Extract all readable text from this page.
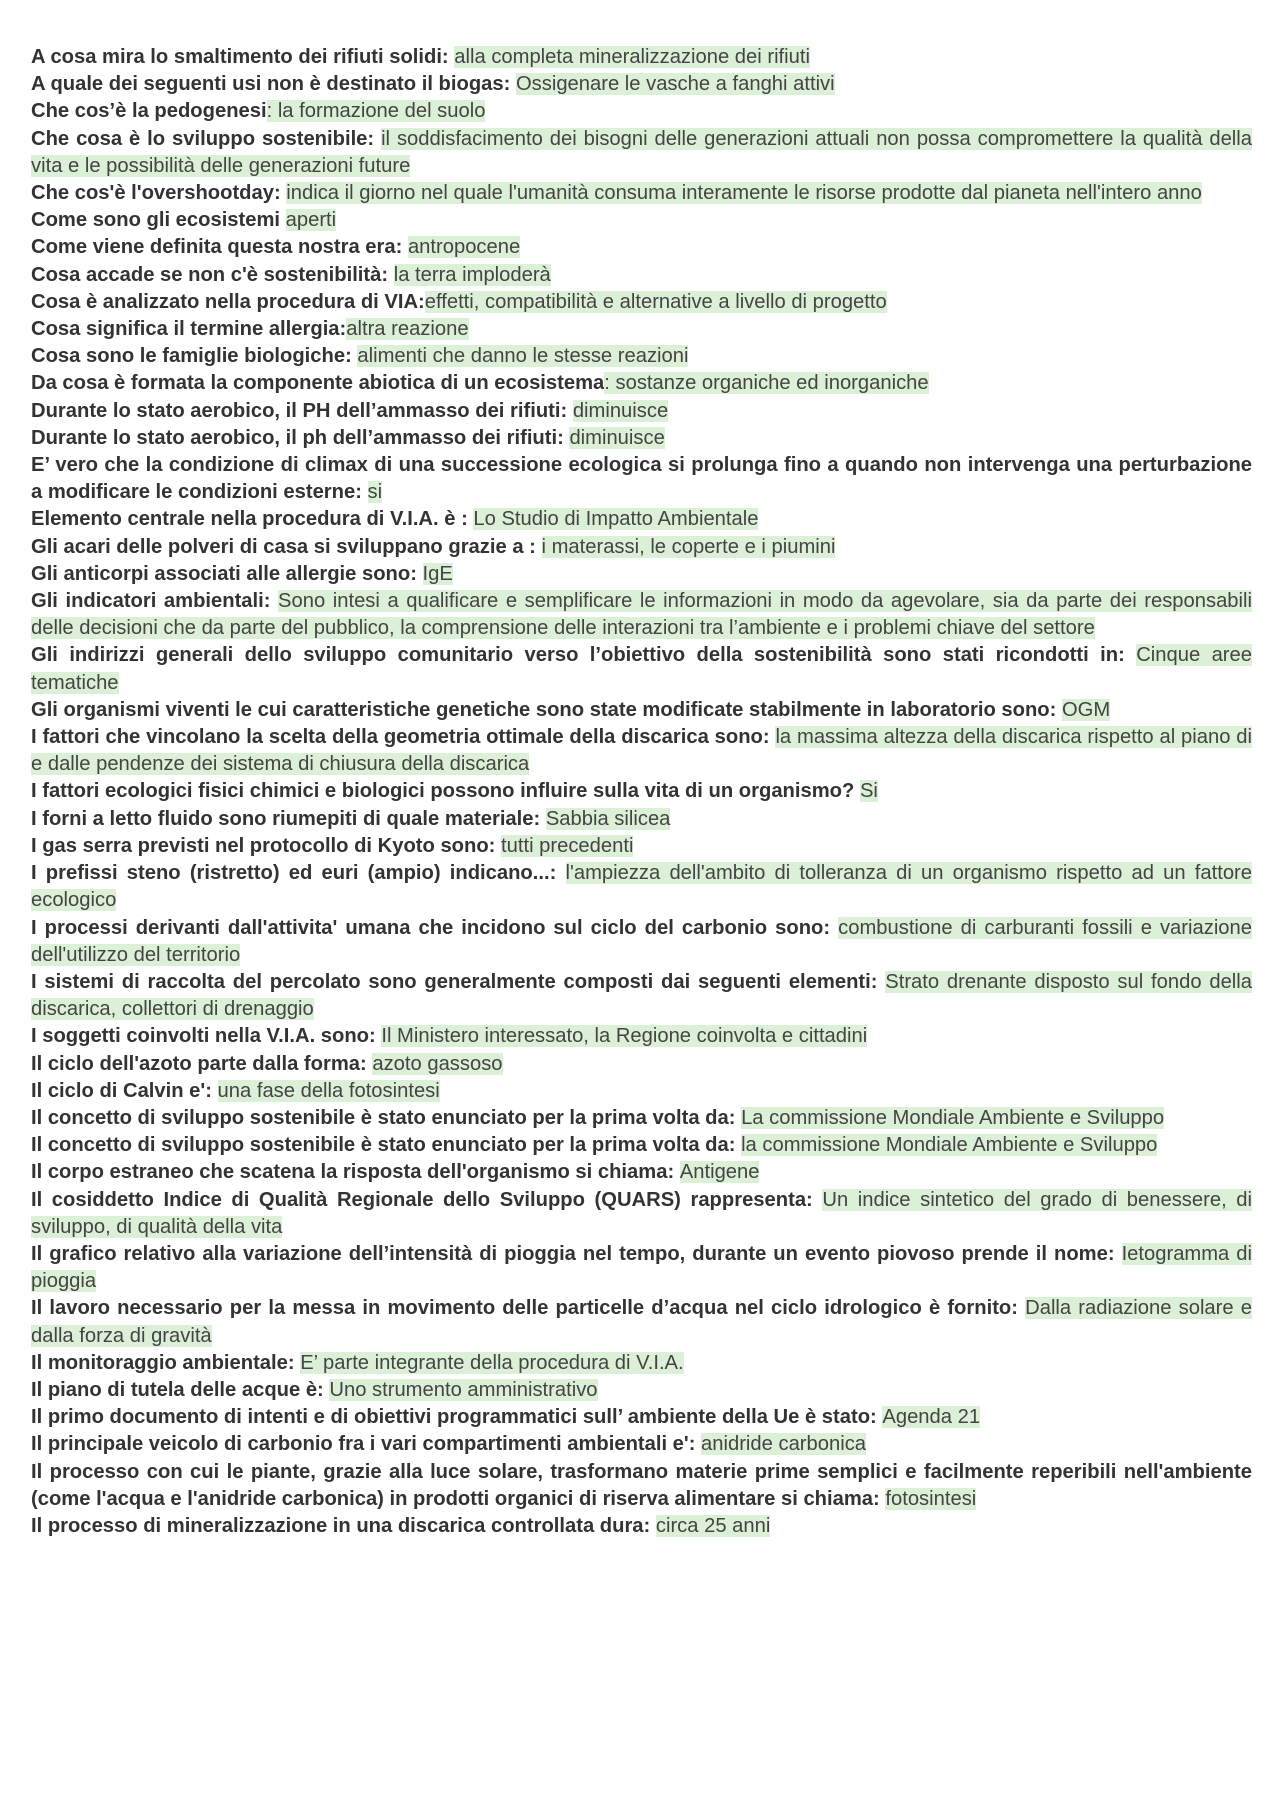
A cosa mira lo smaltimento dei rifiuti solidi: alla completa mineralizzazione dei rifiuti

A quale dei seguenti usi non è destinato il biogas: Ossigenare le vasche a fanghi attivi

Che cos’è la pedogenesi: la formazione del suolo

Che cosa è lo sviluppo sostenibile: il soddisfacimento dei bisogni delle generazioni attuali non possa compromettere la qualità della vita e le possibilità delle generazioni future

Che cos'è l'overshootday: indica il giorno nel quale l'umanità consuma interamente le risorse prodotte dal pianeta nell'intero anno

Come sono gli ecosistemi aperti

Come viene definita questa nostra era: antropocene

Cosa accade se non c'è sostenibilità: la terra imploderà

Cosa è analizzato nella procedura di VIA:effetti, compatibilità e alternative a livello di progetto

Cosa significa il termine allergia:altra reazione

Cosa sono le famiglie biologiche: alimenti che danno le stesse reazioni

Da cosa è formata la componente abiotica di un ecosistema: sostanze organiche ed inorganiche

Durante lo stato aerobico, il PH dell’ammasso dei rifiuti: diminuisce

Durante lo stato aerobico, il ph dell’ammasso dei rifiuti: diminuisce

E’ vero che la condizione di climax di una successione ecologica si prolunga fino a quando non intervenga una perturbazione a modificare le condizioni esterne: si

Elemento centrale nella procedura di V.I.A. è : Lo Studio di Impatto Ambientale

Gli acari delle polveri di casa si sviluppano grazie a : i materassi, le coperte e i piumini

Gli anticorpi associati alle allergie sono: IgE

Gli indicatori ambientali: Sono intesi a qualificare e semplificare le informazioni in modo da agevolare, sia da parte dei responsabili delle decisioni che da parte del pubblico, la comprensione delle interazioni tra l’ambiente e i problemi chiave del settore

Gli indirizzi generali dello sviluppo comunitario verso l’obiettivo della sostenibilità sono stati ricondotti in: Cinque aree tematiche

Gli organismi viventi le cui caratteristiche genetiche sono state modificate stabilmente in laboratorio sono: OGM

I fattori che vincolano la scelta della geometria ottimale della discarica sono: la massima altezza della discarica rispetto al piano di e dalle pendenze dei sistema di chiusura della discarica

I fattori ecologici fisici chimici e biologici possono influire sulla vita di un organismo? Si

I forni a letto fluido sono riumepiti di quale materiale: Sabbia silicea

I gas serra previsti nel protocollo di Kyoto sono: tutti precedenti

I prefissi steno (ristretto) ed euri (ampio) indicano...: l'ampiezza dell'ambito di tolleranza di un organismo rispetto ad un fattore ecologico

I processi derivanti dall'attivita' umana che incidono sul ciclo del carbonio sono: combustione di carburanti fossili e variazione dell'utilizzo del territorio

I sistemi di raccolta del percolato sono generalmente composti dai seguenti elementi: Strato drenante disposto sul fondo della discarica, collettori di drenaggio

I soggetti coinvolti nella V.I.A. sono: Il Ministero interessato, la Regione coinvolta e cittadini

Il ciclo dell'azoto parte dalla forma: azoto gassoso

Il ciclo di Calvin e': una fase della fotosintesi

Il concetto di sviluppo sostenibile è stato enunciato per la prima volta da: La commissione Mondiale Ambiente e Sviluppo

Il concetto di sviluppo sostenibile è stato enunciato per la prima volta da: la commissione Mondiale Ambiente e Sviluppo

Il corpo estraneo che scatena la risposta dell'organismo si chiama: Antigene

Il cosiddetto Indice di Qualità Regionale dello Sviluppo (QUARS) rappresenta: Un indice sintetico del grado di benessere, di sviluppo, di qualità della vita

Il grafico relativo alla variazione dell’intensità di pioggia nel tempo, durante un evento piovoso prende il nome: Ietogramma di pioggia

Il lavoro necessario per la messa in movimento delle particelle d’acqua nel ciclo idrologico è fornito: Dalla radiazione solare e dalla forza di gravità

Il monitoraggio ambientale: E’ parte integrante della procedura di V.I.A.

Il piano di tutela delle acque è: Uno strumento amministrativo

Il primo documento di intenti e di obiettivi programmatici sull’ ambiente della Ue è stato: Agenda 21

Il principale veicolo di carbonio fra i vari compartimenti ambientali e': anidride carbonica

Il processo con cui le piante, grazie alla luce solare, trasformano materie prime semplici e facilmente reperibili nell'ambiente (come l'acqua e l'anidride carbonica) in prodotti organici di riserva alimentare si chiama: fotosintesi

Il processo di mineralizzazione in una discarica controllata dura: circa 25 anni
